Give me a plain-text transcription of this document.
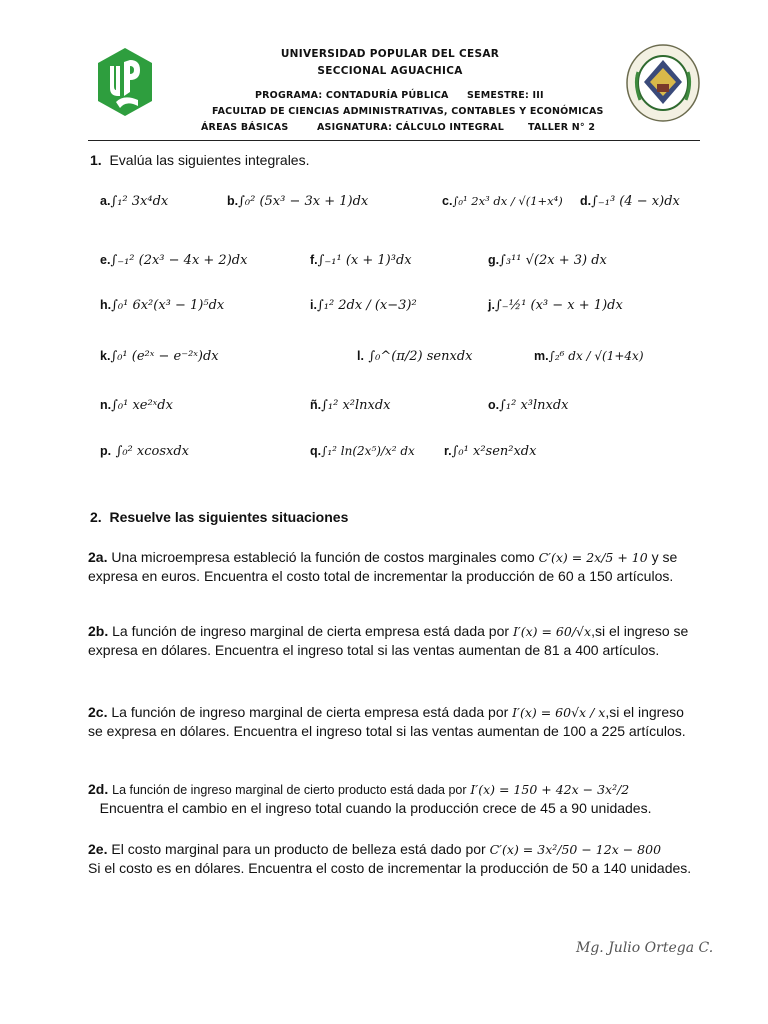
UNIVERSIDAD POPULAR DEL CESAR
SECCIONAL AGUACHICA
PROGRAMA: CONTADURÍA PÚBLICA SEMESTRE: III
FACULTAD DE CIENCIAS ADMINISTRATIVAS, CONTABLES Y ECONÓMICAS
ÁREAS BÁSICAS	ASIGNATURA: CÁLCULO INTEGRAL	TALLER N° 2
1. Evalúa las siguientes integrales.
a.∫₁² 3x⁴dx	b.∫₀² (5x³ − 3x + 1)dx	c.∫₀¹ 2x³ dx / √(1+x⁴) d.∫₋₁³ (4 − x)dx
e.∫₋₁² (2x³ − 4x + 2)dx	f.∫₋₁¹ (x + 1)³dx	g.∫₃¹¹ √(2x + 3) dx
h.∫₀¹ 6x²(x³ − 1)⁵dx	i.∫₁² 2dx / (x−3)²	j.∫₋½¹ (x³ − x + 1)dx
k.∫₀¹ (e²ˣ − e⁻²ˣ)dx	l. ∫₀^(π/2) senxdx	m.∫₂⁶ dx / √(1+4x)
n.∫₀¹ xe²ˣdx	ñ.∫₁² x²lnxdx	o.∫₁² x³lnxdx
p. ∫₀² xcosxdx	q.∫₁² ln(2x⁵)/x² dx r.∫₀¹ x²sen²xdx
2. Resuelve las siguientes situaciones
2a. Una microempresa estableció la función de costos marginales como C′(x) = 2x/5 + 10 y se expresa en euros. Encuentra el costo total de incrementar la producción de 60 a 150 artículos.
2b. La función de ingreso marginal de cierta empresa está dada por I′(x) = 60/√x,si el ingreso se expresa en dólares. Encuentra el ingreso total si las ventas aumentan de 81 a 400 artículos.
2c. La función de ingreso marginal de cierta empresa está dada por I′(x) = 60√x / x,si el ingreso se expresa en dólares. Encuentra el ingreso total si las ventas aumentan de 100 a 225 artículos.
2d. La función de ingreso marginal de cierto producto está dada por I′(x) = 150 + 42x − 3x²/2
Encuentra el cambio en el ingreso total cuando la producción crece de 45 a 90 unidades.
2e. El costo marginal para un producto de belleza está dado por C′(x) = 3x²/50 − 12x − 800
Si el costo es en dólares. Encuentra el costo de incrementar la producción de 50 a 140 unidades.
Mg. Julio Ortega C.
